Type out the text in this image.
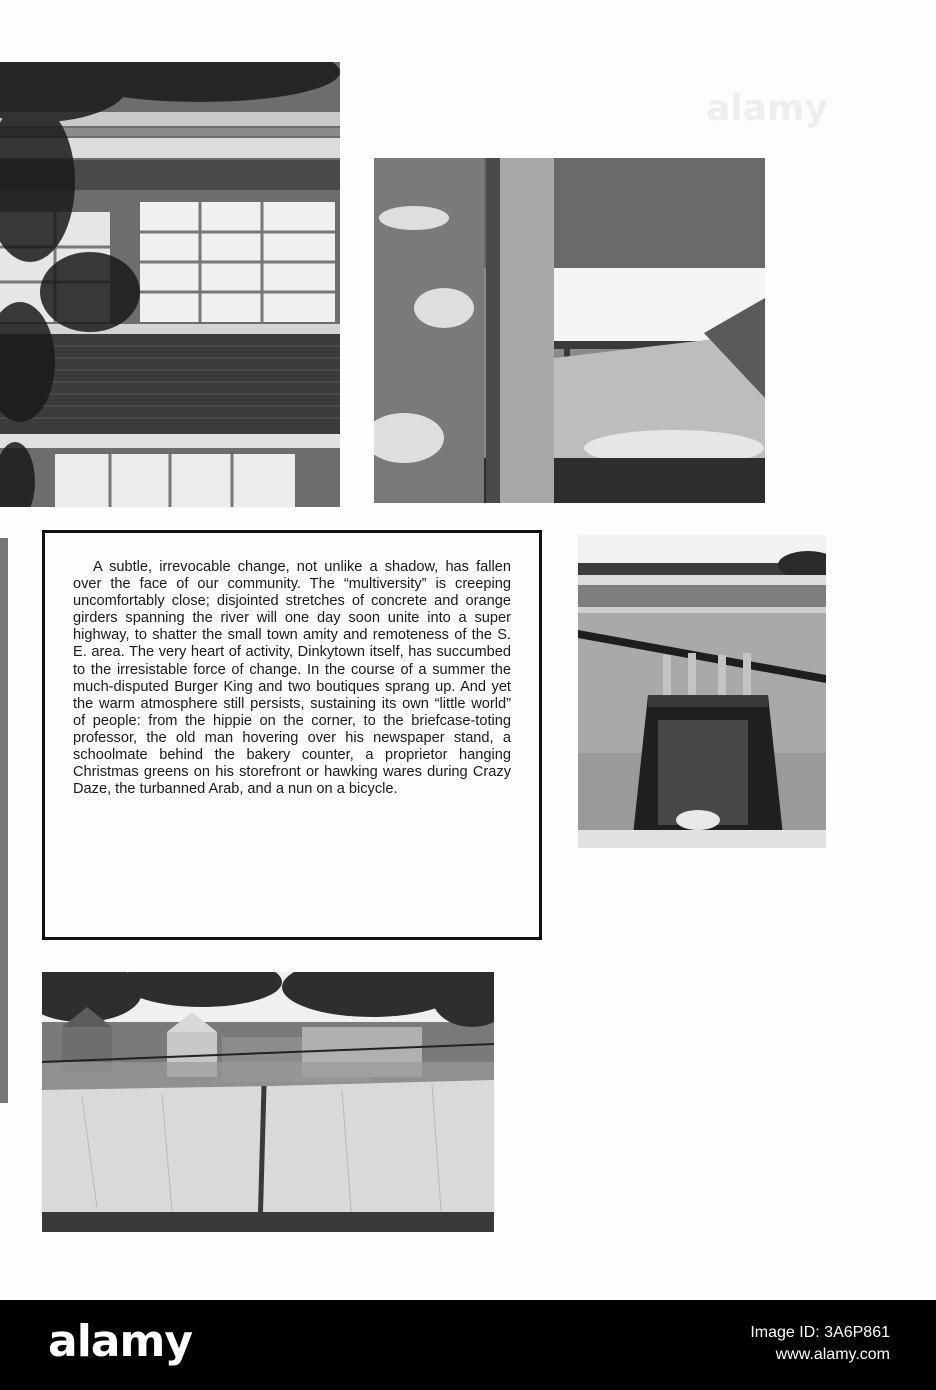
alamy

A subtle, irrevocable change, not unlike a shadow, has fallen over the face of our community. The “multiversity” is creeping uncomfortably close; disjointed stretches of concrete and orange girders spanning the river will one day soon unite into a super highway, to shatter the small town amity and remoteness of the S. E. area. The very heart of activity, Dinkytown itself, has succumbed to the irresistable force of change. In the course of a summer the much-disputed Burger King and two boutiques sprang up. And yet the warm atmosphere still persists, sustaining its own “little world” of people: from the hippie on the corner, to the briefcase-toting professor, the old man hovering over his newspaper stand, a schoolmate behind the bakery counter, a proprietor hanging Christmas greens on his storefront or hawking wares during Crazy Daze, the turbanned Arab, and a nun on a bicycle.

alamy	Image ID: 3A6P861
www.alamy.com
